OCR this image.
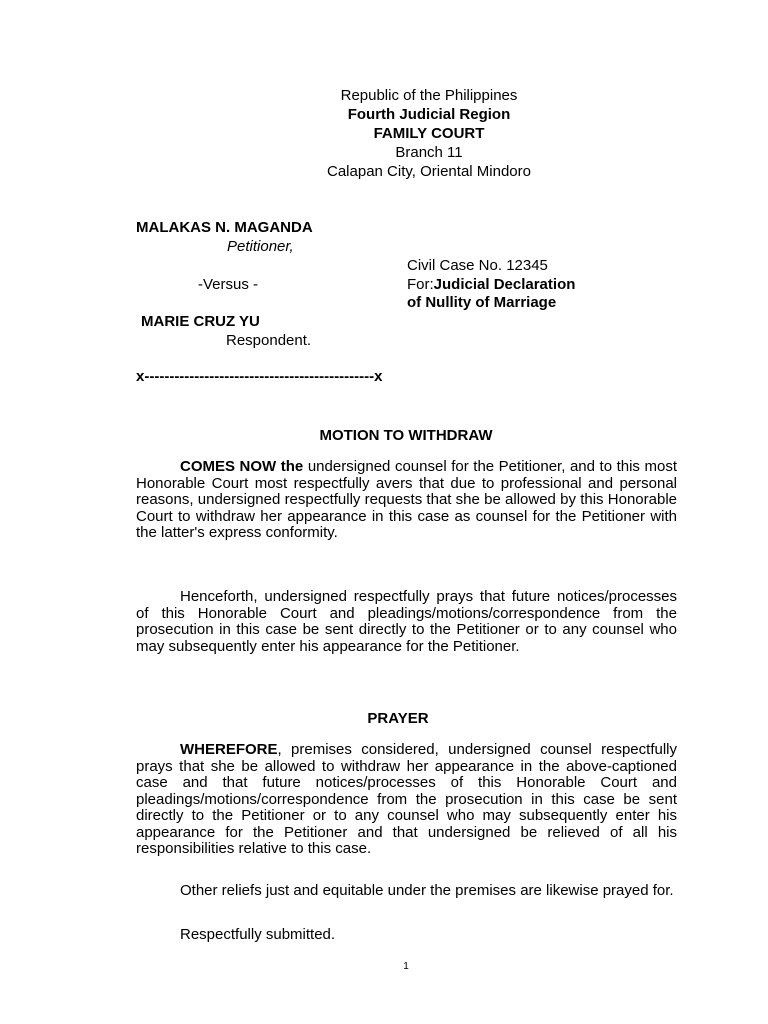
Republic of the Philippines
Fourth Judicial Region
FAMILY COURT
Branch 11
Calapan City, Oriental Mindoro
MALAKAS N. MAGANDA
Petitioner,
Civil Case No. 12345
-Versus -	For:Judicial Declaration
of Nullity of Marriage
MARIE CRUZ YU
Respondent.
x----------------------------------------------x
MOTION TO WITHDRAW
COMES NOW the undersigned counsel for the Petitioner, and to this most Honorable Court most respectfully avers that due to professional and personal reasons, undersigned respectfully requests that she be allowed by this Honorable Court to withdraw her appearance in this case as counsel for the Petitioner with the latter's express conformity.
Henceforth, undersigned respectfully prays that future notices/processes of this Honorable Court and pleadings/motions/correspondence from the prosecution in this case be sent directly to the Petitioner or to any counsel who may subsequently enter his appearance for the Petitioner.
PRAYER
WHEREFORE, premises considered, undersigned counsel respectfully prays that she be allowed to withdraw her appearance in the above-captioned case and that future notices/processes of this Honorable Court and pleadings/motions/correspondence from the prosecution in this case be sent directly to the Petitioner or to any counsel who may subsequently enter his appearance for the Petitioner and that undersigned be relieved of all his responsibilities relative to this case.
Other reliefs just and equitable under the premises are likewise prayed for.
Respectfully submitted.
1
